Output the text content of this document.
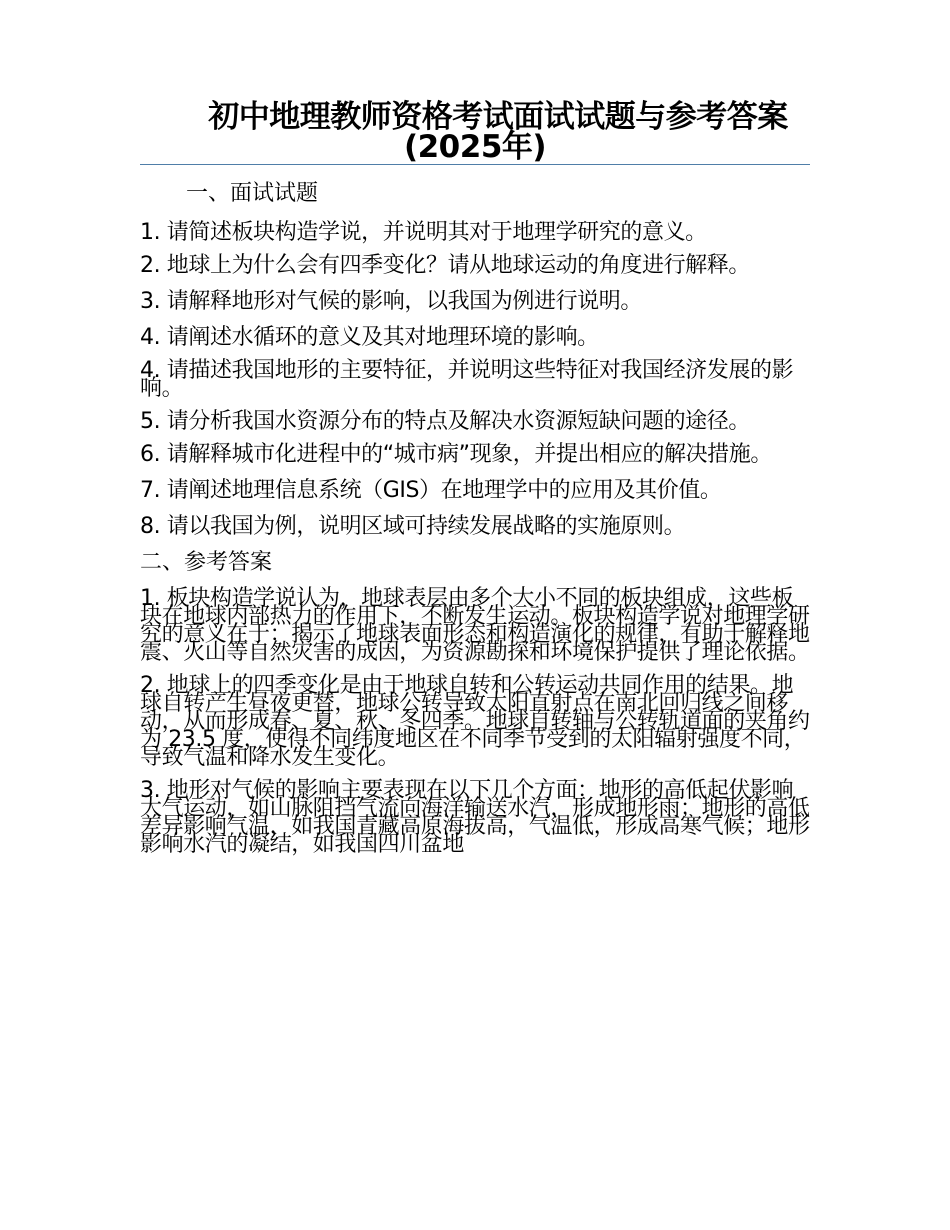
初中地理教师资格考试面试试题与参考答案(2025年)

一、面试试题

1. 请简述板块构造学说，并说明其对于地理学研究的意义。

2. 地球上为什么会有四季变化？请从地球运动的角度进行解释。

3. 请解释地形对气候的影响，以我国为例进行说明。

4. 请阐述水循环的意义及其对地理环境的影响。

4. 请描述我国地形的主要特征，并说明这些特征对我国经济发展的影响。

5. 请分析我国水资源分布的特点及解决水资源短缺问题的途径。

6. 请解释城市化进程中的“城市病”现象，并提出相应的解决措施。

7. 请阐述地理信息系统（GIS）在地理学中的应用及其价值。

8. 请以我国为例，说明区域可持续发展战略的实施原则。

二、参考答案

1. 板块构造学说认为，地球表层由多个大小不同的板块组成，这些板块在地球内部热力的作用下，不断发生运动。板块构造学说对地理学研究的意义在于：揭示了地球表面形态和构造演化的规律，有助于解释地震、火山等自然灾害的成因，为资源勘探和环境保护提供了理论依据。

2. 地球上的四季变化是由于地球自转和公转运动共同作用的结果。地球自转产生昼夜更替，地球公转导致太阳直射点在南北回归线之间移动，从而形成春、夏、秋、冬四季。地球自转轴与公转轨道面的夹角约为 23.5 度，使得不同纬度地区在不同季节受到的太阳辐射强度不同，导致气温和降水发生变化。

3. 地形对气候的影响主要表现在以下几个方面：地形的高低起伏影响大气运动，如山脉阻挡气流向海洋输送水汽，形成地形雨；地形的高低差异影响气温，如我国青藏高原海拔高，气温低，形成高寒气候；地形影响水汽的凝结，如我国四川盆地
